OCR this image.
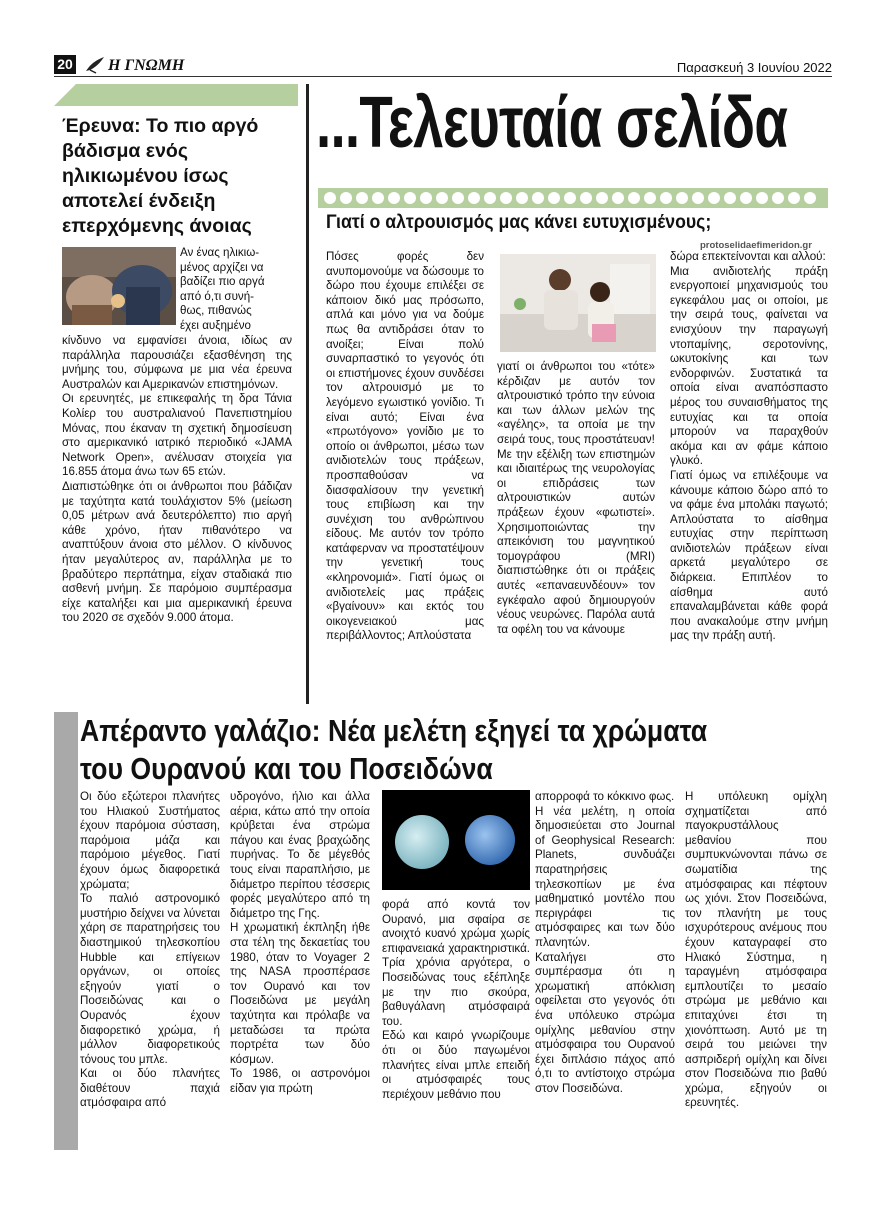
20 Η ΓΝΩΜΗ	Παρασκευή 3 Ιουνίου 2022
Έρευνα: Το πιο αργό βάδισμα ενός ηλικιωμένου ίσως αποτελεί ένδειξη επερχόμενης άνοιας
Αν ένας ηλικιω-
μένος αρχίζει να
βαδίζει πιο αργά
από ό,τι συνή-
θως, πιθανώς
έχει αυξημένο

κίνδυνο να εμφανίσει άνοια, ιδίως αν παράλληλα παρουσιάζει εξασθένηση της μνήμης του, σύμφωνα με μια νέα έρευνα Αυστραλών και Αμερικανών επιστημόνων.

Οι ερευνητές, με επικεφαλής τη δρα Τάνια Κολίερ του αυστραλιανού Πανεπιστημίου Μόνας, που έκαναν τη σχετική δημοσίευση στο αμερικανικό ιατρικό περιοδικό «JAMA Network Open», ανέλυσαν στοιχεία για 16.855 άτομα άνω των 65 ετών.

Διαπιστώθηκε ότι οι άνθρωποι που βάδιζαν με ταχύτητα κατά τουλάχιστον 5% (μείωση 0,05 μέτρων ανά δευτερόλεπτο) πιο αργή κάθε χρόνο, ήταν πιθανότερο να αναπτύξουν άνοια στο μέλλον. Ο κίνδυνος ήταν μεγαλύτερος αν, παράλληλα με το βραδύτερο περπάτημα, είχαν σταδιακά πιο ασθενή μνήμη. Σε παρόμοιο συμπέρασμα είχε καταλήξει και μια αμερικανική έρευνα του 2020 σε σχεδόν 9.000 άτομα.

...Τελευταία σελίδα
Γιατί ο αλτρουισμός μας κάνει ευτυχισμένους;
protoselidaefimeridon.gr

Πόσες φορές δεν ανυπομονούμε να δώσουμε το δώρο που έχουμε επιλέξει σε κάποιον δικό μας πρόσωπο, απλά και μόνο για να δούμε πως θα αντιδράσει όταν το ανοίξει; Είναι πολύ συναρπαστικό το γεγονός ότι οι επιστήμονες έχουν συνδέσει τον αλτρουισμό με το λεγόμενο εγωιστικό γονίδιο. Τι είναι αυτό; Είναι ένα «πρωτόγονο» γονίδιο με το οποίο οι άνθρωποι, μέσω των ανιδιοτελών τους πράξεων, προσπαθούσαν να διασφαλίσουν την γενετική τους επιβίωση και την συνέχιση του ανθρώπινου είδους. Με αυτόν τον τρόπο κατάφερναν να προστατέψουν την γενετική τους «κληρονομιά». Γιατί όμως οι ανιδιοτελείς μας πράξεις «βγαίνουν» και εκτός του οικογενειακού μας περιβάλλοντος; Απλούστατα

γιατί οι άνθρωποι του «τότε» κέρδιζαν με αυτόν τον αλτρουιστικό τρόπο την εύνοια και των άλλων μελών της «αγέλης», τα οποία με την σειρά τους, τους προστάτευαν!

Με την εξέλιξη των επιστημών και ιδιαιτέρως της νευρολογίας οι επιδράσεις των αλτρουιστικών αυτών πράξεων έχουν «φωτιστεί». Χρησιμοποιώντας την απεικόνιση του μαγνητικού τομογράφου (MRI) διαπιστώθηκε ότι οι πράξεις αυτές «επαναευνδέουν» τον εγκέφαλο αφού δημιουργούν νέους νευρώνες. Παρόλα αυτά τα οφέλη του να κάνουμε

δώρα επεκτείνονται και αλλού:

Μια ανιδιοτελής πράξη ενεργοποιεί μηχανισμούς του εγκεφάλου μας οι οποίοι, με την σειρά τους, φαίνεται να ενισχύουν την παραγωγή ντοπαμίνης, σεροτονίνης, ωκυτοκίνης και των ενδορφινών. Συστατικά τα οποία είναι αναπόσπαστο μέρος του συναισθήματος της ευτυχίας και τα οποία μπορούν να παραχθούν ακόμα και αν φάμε κάποιο γλυκό.

Γιατί όμως να επιλέξουμε να κάνουμε κάποιο δώρο από το να φάμε ένα μπολάκι παγωτό; Απλούστατα το αίσθημα ευτυχίας στην περίπτωση ανιδιοτελών πράξεων είναι αρκετά μεγαλύτερο σε διάρκεια. Επιπλέον το αίσθημα αυτό επαναλαμβάνεται κάθε φορά που ανακαλούμε στην μνήμη μας την πράξη αυτή.

Απέραντο γαλάζιο: Νέα μελέτη εξηγεί τα χρώματα
του Ουρανού και του Ποσειδώνα

Οι δύο εξώτεροι πλανήτες του Ηλιακού Συστήματος έχουν παρόμοια σύσταση, παρόμοια μάζα και παρόμοιο μέγεθος. Γιατί έχουν όμως διαφορετικά χρώματα;

Το παλιό αστρονομικό μυστήριο δείχνει να λύνεται χάρη σε παρατηρήσεις του διαστημικού τηλεσκοπίου Hubble και επίγειων οργάνων, οι οποίες εξηγούν γιατί ο Ποσειδώνας και ο Ουρανός έχουν διαφορετικό χρώμα, ή μάλλον διαφορετικούς τόνους του μπλε.

Και οι δύο πλανήτες διαθέτουν παχιά ατμόσφαιρα από

υδρογόνο, ήλιο και άλλα αέρια, κάτω από την οποία κρύβεται ένα στρώμα πάγου και ένας βραχώδης πυρήνας. Το δε μέγεθός τους είναι παραπλήσιο, με διάμετρο περίπου τέσσερις φορές μεγαλύτερο από τη διάμετρο της Γης.

Η χρωματική έκπληξη ήθε στα τέλη της δεκαετίας του 1980, όταν το Voyager 2 της NASA προσπέρασε τον Ουρανό και τον Ποσειδώνα με μεγάλη ταχύτητα και πρόλαβε να μεταδώσει τα πρώτα πορτρέτα των δύο κόσμων.

Το 1986, οι αστρονόμοι είδαν για πρώτη

φορά από κοντά τον Ουρανό, μια σφαίρα σε ανοιχτό κυανό χρώμα χωρίς επιφανειακά χαρακτηριστικά. Τρία χρόνια αργότερα, ο Ποσειδώνας τους εξέπληξε με την πιο σκούρα, βαθυγάλανη ατμόσφαιρά του.

Εδώ και καιρό γνωρίζουμε ότι οι δύο παγωμένοι πλανήτες είναι μπλε επειδή οι ατμόσφαιρές τους περιέχουν μεθάνιο που

απορροφά το κόκκινο φως.

Η νέα μελέτη, η οποία δημοσιεύεται στο Journal of Geophysical Research: Planets, συνδυάζει παρατηρήσεις τηλεσκοπίων με ένα μαθηματικό μοντέλο που περιγράφει τις ατμόσφαιρες και των δύο πλανητών.

Καταλήγει στο συμπέρασμα ότι η χρωματική απόκλιση οφείλεται στο γεγονός ότι ένα υπόλευκο στρώμα ομίχλης μεθανίου στην ατμόσφαιρα του Ουρανού έχει διπλάσιο πάχος από ό,τι το αντίστοιχο στρώμα στον Ποσειδώνα.

Η υπόλευκη ομίχλη σχηματίζεται από παγοκρυστάλλους μεθανίου που συμπυκνώνονται πάνω σε σωματίδια της ατμόσφαιρας και πέφτουν ως χιόνι. Στον Ποσειδώνα, τον πλανήτη με τους ισχυρότερους ανέμους που έχουν καταγραφεί στο Ηλιακό Σύστημα, η ταραγμένη ατμόσφαιρα εμπλουτίζει το μεσαίο στρώμα με μεθάνιο και επιταχύνει έτσι τη χιονόπτωση. Αυτό με τη σειρά του μειώνει την ασπριδερή ομίχλη και δίνει στον Ποσειδώνα πιο βαθύ χρώμα, εξηγούν οι ερευνητές.
